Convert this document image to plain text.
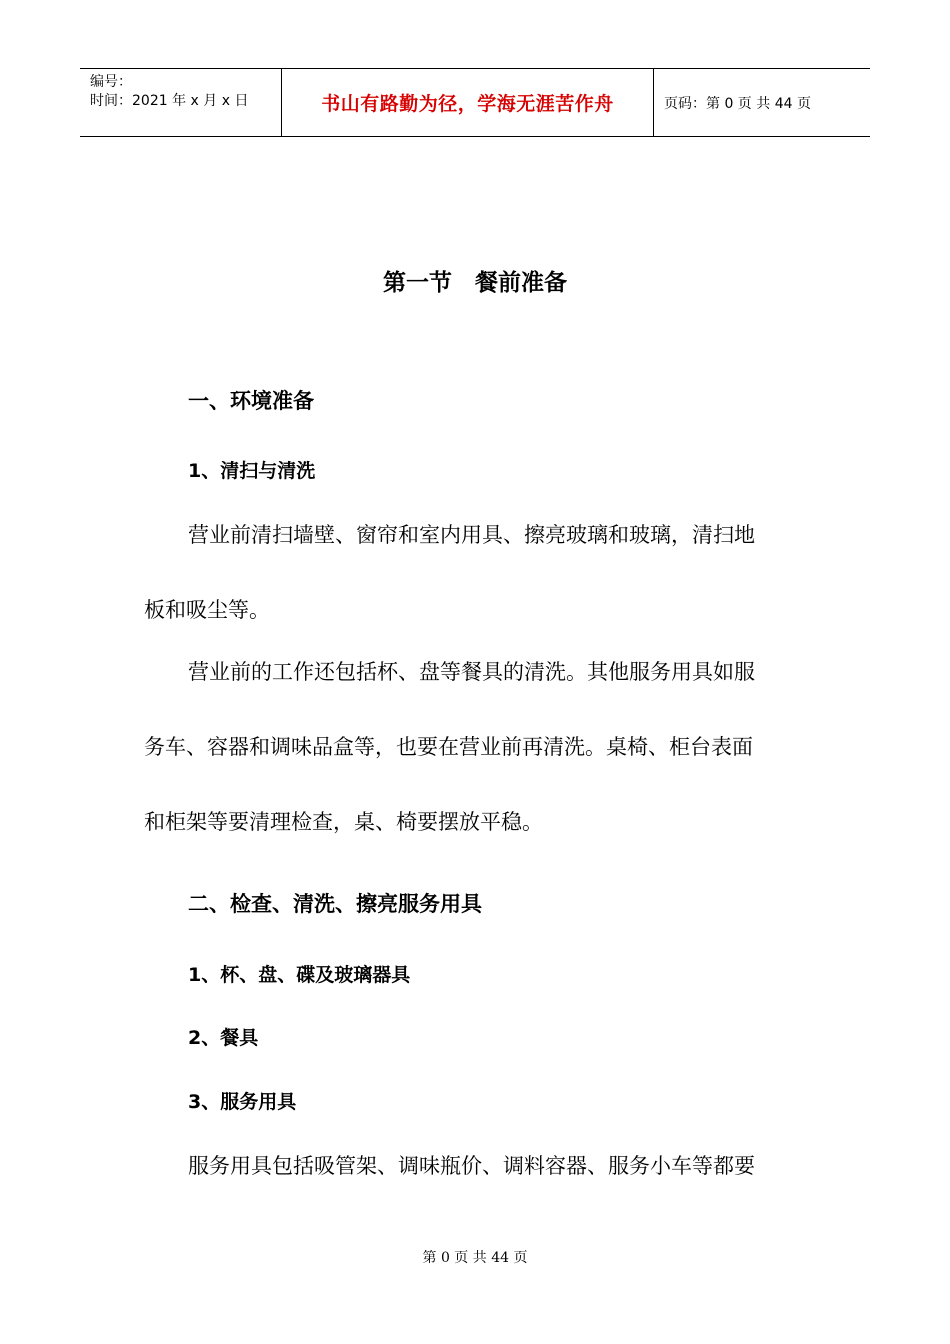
编号：
时间：2021 年 x 月 x 日	书山有路勤为径，学海无涯苦作舟	页码：第 0 页 共 44 页
第一节　餐前准备
一、环境准备
1、清扫与清洗
营业前清扫墙壁、窗帘和室内用具、擦亮玻璃和玻璃，清扫地
板和吸尘等。
营业前的工作还包括杯、盘等餐具的清洗。其他服务用具如服
务车、容器和调味品盒等，也要在营业前再清洗。桌椅、柜台表面
和柜架等要清理检查，桌、椅要摆放平稳。
二、检查、清洗、擦亮服务用具
1、杯、盘、碟及玻璃器具
2、餐具
3、服务用具
服务用具包括吸管架、调味瓶价、调料容器、服务小车等都要
第 0 页 共 44 页
